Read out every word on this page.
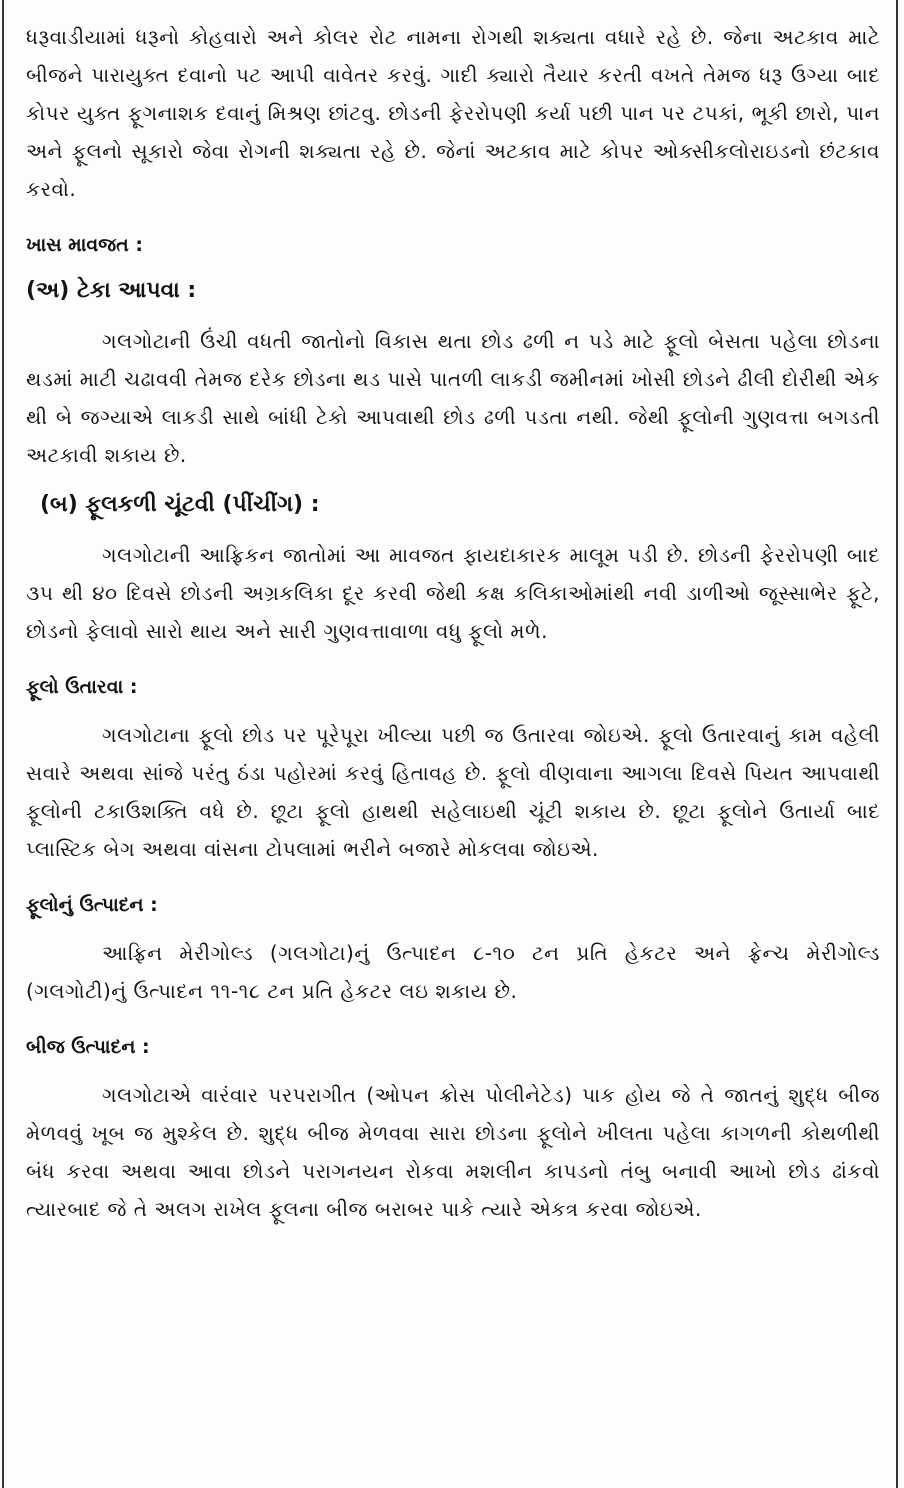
ધરૂવાડીયામાં ધરૂનો કોહવારો અને કોલર રોટ નામના રોગથી શક્યતા વધારે રહે છે. જેના અટકાવ માટે બીજને પારાયુક્ત દવાનો પટ આપી વાવેતર કરવું. ગાદી ક્યારો તૈયાર કરતી વખતે તેમજ ધરૂ ઉગ્યા બાદ કોપર યુક્ત ફૂગનાશક દવાનું મિશ્રણ છાંટવુ. છોડની ફેરરોપણી કર્યા પછી પાન પર ટપકાં, ભૂકી છારો, પાન અને ફૂલનો સૂકારો જેવા રોગની શક્યતા રહે છે. જેનાં અટકાવ માટે કોપર ઓક્સીકલોરાઇડનો છંટકાવ કરવો.

ખાસ માવજત :

(અ) ટેકા આપવા :

ગલગોટાની ઉંચી વધતી જાતોનો વિકાસ થતા છોડ ઢળી ન પડે માટે ફૂલો બેસતા પહેલા છોડના થડમાં માટી ચઢાવવી તેમજ દરેક છોડના થડ પાસે પાતળી લાકડી જમીનમાં ખોસી છોડને ઢીલી દોરીથી એક થી બે જગ્યાએ લાકડી સાથે બાંધી ટેકો આપવાથી છોડ ઢળી પડતા નથી. જેથી ફૂલોની ગુણવત્તા બગડતી અટકાવી શકાય છે.

(બ) ફૂલકળી ચૂંટવી (પીંચીંગ) :

ગલગોટાની આફ્રિકન જાતોમાં આ માવજત ફાયદાકારક માલૂમ પડી છે. છોડની ફેરરોપણી બાદ ૩૫ થી ૪૦ દિવસે છોડની અગ્રકલિકા દૂર કરવી જેથી કક્ષ કલિકાઓમાંથી નવી ડાળીઓ જૂસ્સાભેર ફૂટે, છોડનો ફેલાવો સારો થાય અને સારી ગુણવત્તાવાળા વધુ ફૂલો મળે.

ફૂલો ઉતારવા :

ગલગોટાના ફૂલો છોડ પર પૂરેપૂરા ખીલ્યા પછી જ ઉતારવા જોઇએ. ફૂલો ઉતારવાનું કામ વહેલી સવારે અથવા સાંજે પરંતુ ઠંડા પહોરમાં કરવું હિતાવહ છે. ફૂલો વીણવાના આગલા દિવસે પિયત આપવાથી ફૂલોની ટકાઉશક્તિ વધે છે. છૂટા ફૂલો હાથથી સહેલાઇથી ચૂંટી શકાય છે. છૂટા ફૂલોને ઉતાર્યા બાદ પ્લાસ્ટિક બેગ અથવા વાંસના ટોપલામાં ભરીને બજારે મોકલવા જોઇએ.

ફૂલોનું ઉત્પાદન :

આફ્રિન મેરીગોલ્ડ (ગલગોટા)નું ઉત્પાદન ૮-૧૦ ટન પ્રતિ હેકટર અને ફ્રેન્ચ મેરીગોલ્ડ (ગલગોટી)નું ઉત્પાદન ૧૧-૧૮ ટન પ્રતિ હેકટર લઇ શકાય છે.

બીજ ઉત્પાદન :

ગલગોટાએ વારંવાર પરપરાગીત (ઓપન ક્રોસ પોલીનેટેડ) પાક હોય જે તે જાતનું શુદ્ધ બીજ મેળવવું ખૂબ જ મુશ્કેલ છે. શુદ્ધ બીજ મેળવવા સારા છોડના ફૂલોને ખીલતા પહેલા કાગળની કોથળીથી બંધ કરવા અથવા આવા છોડને પરાગનયન રોકવા મશલીન કાપડનો તંબુ બનાવી આખો છોડ ઢાંકવો ત્યારબાદ જે તે અલગ રાખેલ ફૂલના બીજ બરાબર પાકે ત્યારે એકત્ર કરવા જોઇએ.
